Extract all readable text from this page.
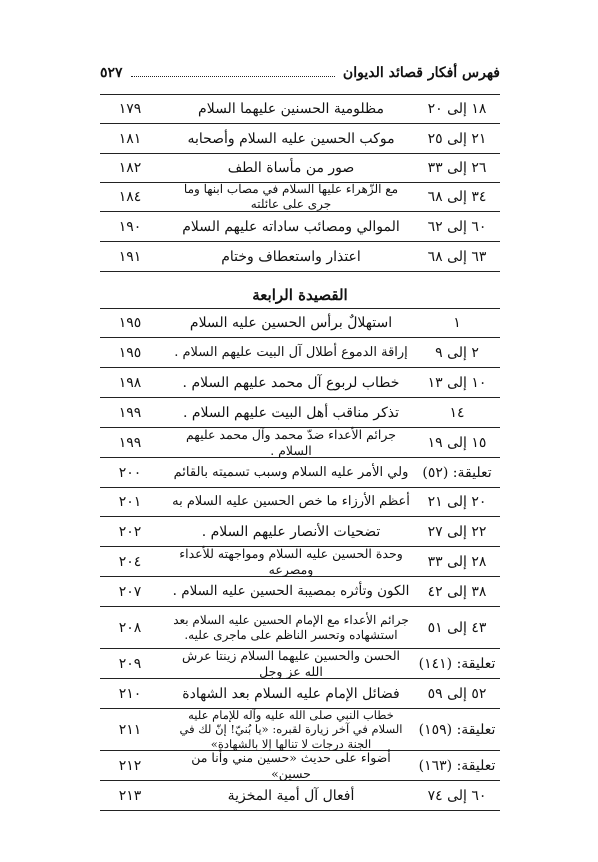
فهرس أفكار قصائد الديوان
٥٢٧
١٨ إلى ٢٠
مظلومية الحسنين عليهما السلام
١٧٩
٢١ إلى ٢٥
موكب الحسين عليه السلام وأصحابه
١٨١
٢٦ إلى ٣٣
صور من مأساة الطف
١٨٢
٣٤ إلى ٦٨
مع الزّهراء عليها السلام في مصاب ابنها وما جرى على عائلته
١٨٤
٦٠ إلى ٦٢
الموالي ومصائب ساداته عليهم السلام
١٩٠
٦٣ إلى ٦٨
اعتذار واستعطاف وختام
١٩١
القصيدة الرابعة
١
استهلالٌ برأس الحسين عليه السلام
١٩٥
٢ إلى ٩
إراقة الدموع أطلال آل البيت عليهم السلام .
١٩٥
١٠ إلى ١٣
خطاب لربوع آل محمد عليهم السلام .
١٩٨
١٤
تذكر مناقب أهل البيت عليهم السلام .
١٩٩
١٥ إلى ١٩
جرائم الأعداء ضدّ محمد وآل محمد عليهم السلام .
١٩٩
تعليقة: (٥٢)
ولي الأمر عليه السلام وسبب تسميته بالقائم
٢٠٠
٢٠ إلى ٢١
أعظم الأرزاء ما خص الحسين عليه السلام به
٢٠١
٢٢ إلى ٢٧
تضحيات الأنصار عليهم السلام .
٢٠٢
٢٨ إلى ٣٣
وحدة الحسين عليه السلام ومواجهته للأعداء ومصرعه
٢٠٤
٣٨ إلى ٤٢
الكون وتأثره بمصيبة الحسين عليه السلام .
٢٠٧
٤٣ إلى ٥١
جرائم الأعداء مع الإمام الحسين عليه السلام بعد استشهاده وتحسر الناظم على ماجرى عليه.
٢٠٨
تعليقة: (١٤١)
الحسن والحسين عليهما السلام زينتا عرش الله عز وجل
٢٠٩
٥٢ إلى ٥٩
فضائل الإمام عليه السلام بعد الشهادة
٢١٠
تعليقة: (١٥٩)
خطاب النبي صلى الله عليه وآله للإمام عليه السلام في آخر زيارة لقبره: «يا بُنيّ! إنّ لك في الجنة درجات لا تنالها إلا بالشهادة»
٢١١
تعليقة: (١٦٣)
أضواء على حديث «حسين مني وأنا من حسين»
٢١٢
٦٠ إلى ٧٤
أفعال آل أمية المخزية
٢١٣
